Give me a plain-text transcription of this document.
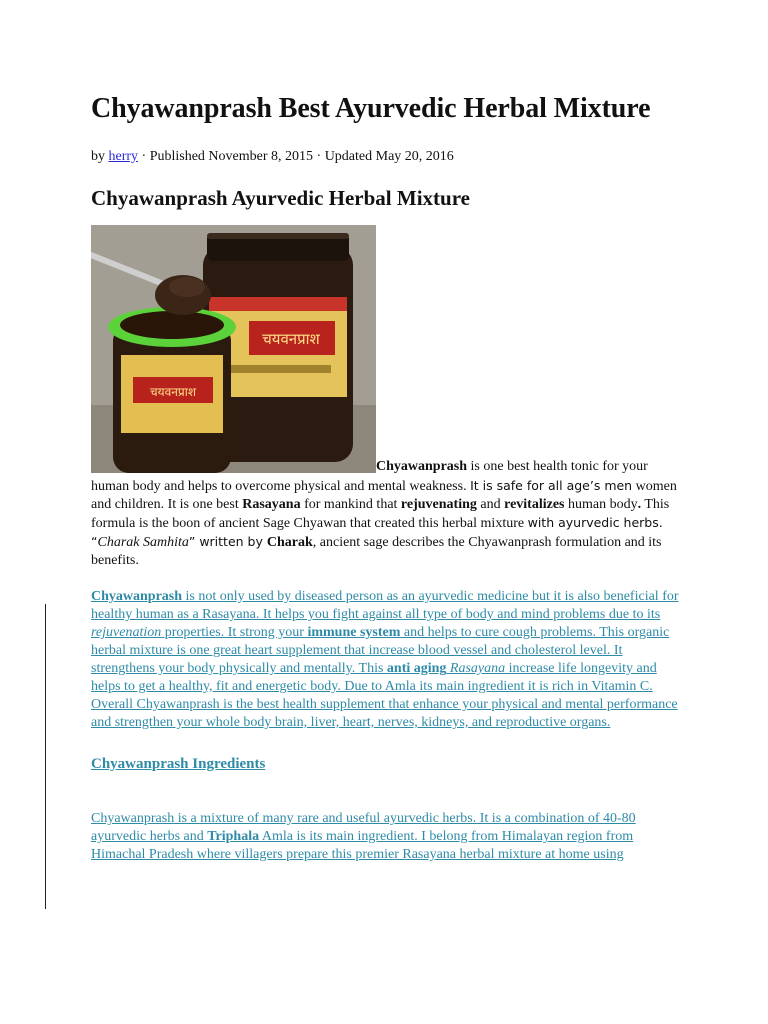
Chyawanprash Best Ayurvedic Herbal Mixture
by herry · Published November 8, 2015 · Updated May 20, 2016
Chyawanprash Ayurvedic Herbal Mixture
चयवनप्राश
चयवनप्राश
Chyawanprash is one best health tonic for your

human body and helps to overcome physical and mental weakness. It is safe for all age’s men women and children. It is one best Rasayana for mankind that rejuvenating and revitalizes human body. This formula is the boon of ancient Sage Chyawan that created this herbal mixture with ayurvedic herbs. “Charak Samhita” written by Charak, ancient sage describes the Chyawanprash formulation and its benefits.

Chyawanprash is not only used by diseased person as an ayurvedic medicine but it is also beneficial for healthy human as a Rasayana. It helps you fight against all type of body and mind problems due to its rejuvenation properties. It strong your immune system and helps to cure cough problems. This organic herbal mixture is one great heart supplement that increase blood vessel and cholesterol level. It strengthens your body physically and mentally. This anti aging Rasayana increase life longevity and helps to get a healthy, fit and energetic body. Due to Amla its main ingredient it is rich in Vitamin C. Overall Chyawanprash is the best health supplement that enhance your physical and mental performance and strengthen your whole body brain, liver, heart, nerves, kidneys, and reproductive organs.

Chyawanprash Ingredients

Chyawanprash is a mixture of many rare and useful ayurvedic herbs. It is a combination of 40-80 ayurvedic herbs and Triphala Amla is its main ingredient. I belong from Himalayan region from Himachal Pradesh where villagers prepare this premier Rasayana herbal mixture at home using
